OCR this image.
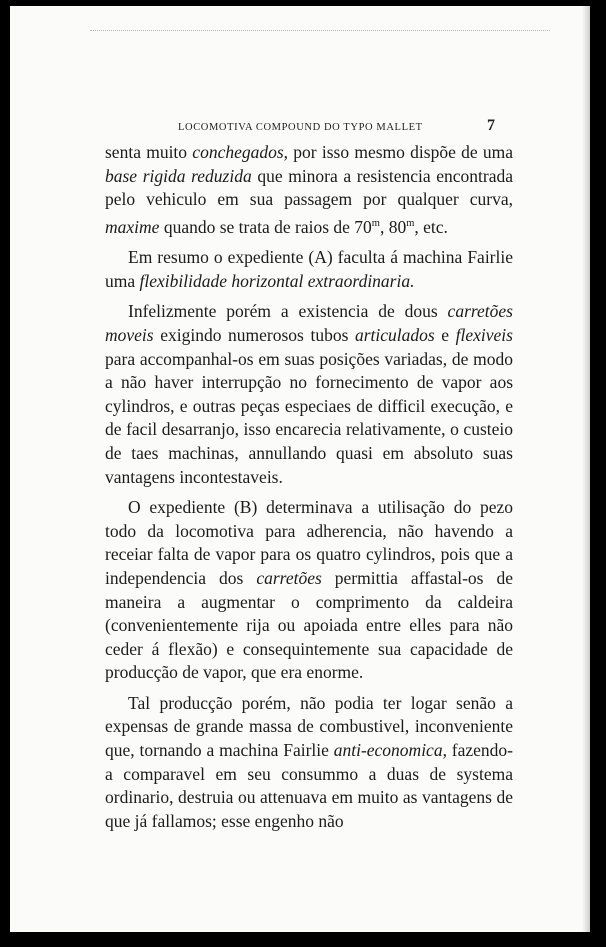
LOCOMOTIVA COMPOUND DO TYPO MALLET	7

senta muito conchegados, por isso mesmo dispõe de uma base rigida reduzida que minora a resistencia encontrada pelo vehiculo em sua passagem por qualquer curva, maxime quando se trata de raios de 70$^m$, 80$^m$, etc.

Em resumo o expediente (A) faculta á machina Fairlie uma flexibilidade horizontal extraordinaria.

Infelizmente porém a existencia de dous carretões moveis exigindo numerosos tubos articulados e flexiveis para accompanhal-os em suas posições variadas, de modo a não haver interrupção no fornecimento de vapor aos cylindros, e outras peças especiaes de difficil execução, e de facil desarranjo, isso encarecia relativamente, o custeio de taes machinas, annullando quasi em absoluto suas vantagens incontestaveis.

O expediente (B) determinava a utilisação do pezo todo da locomotiva para adherencia, não havendo a receiar falta de vapor para os quatro cylindros, pois que a independencia dos carretões permittia affastal-os de maneira a augmentar o comprimento da caldeira (convenientemente rija ou apoiada entre elles para não ceder á flexão) e consequintemente sua capacidade de producção de vapor, que era enorme.

Tal producção porém, não podia ter logar senão a expensas de grande massa de combustivel, inconveniente que, tornando a machina Fairlie anti-economica, fazendo-a comparavel em seu consummo a duas de systema ordinario, destruia ou attenuava em muito as vantagens de que já fallamos; esse engenho não
